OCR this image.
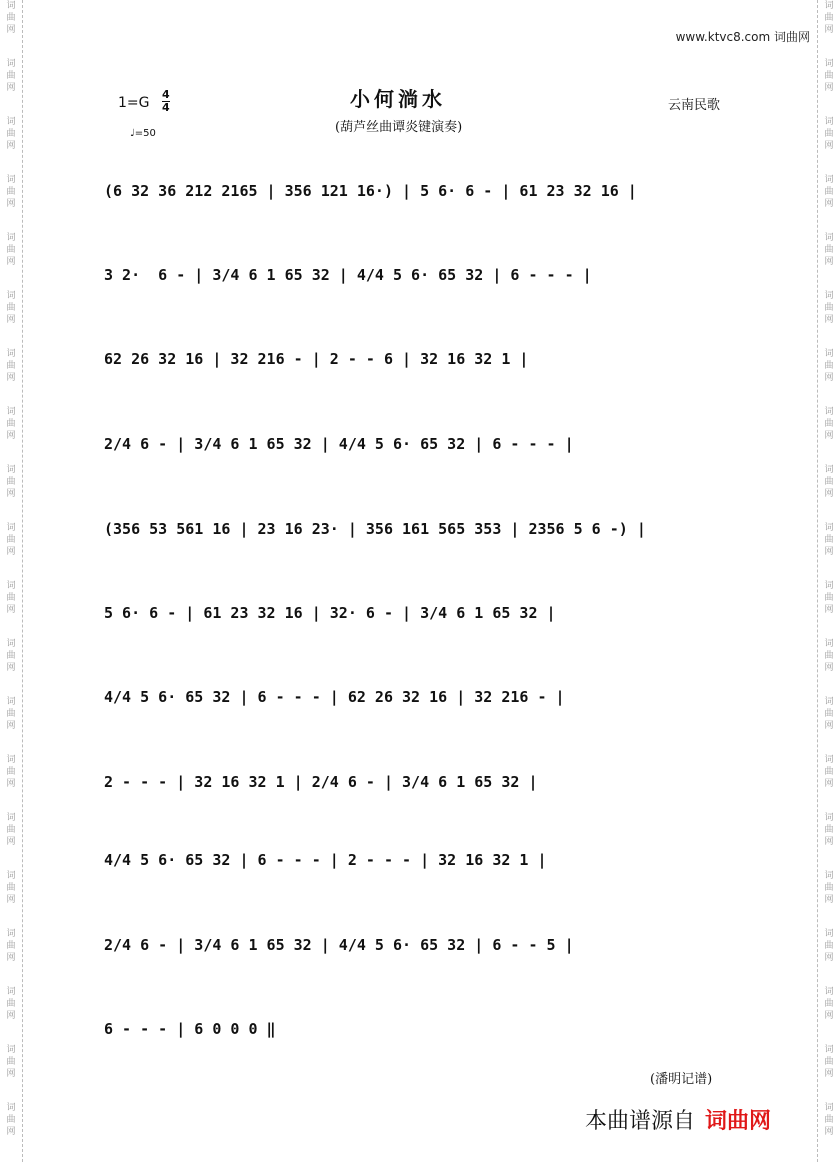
词
曲
网
词
曲
网
词
曲
网
词
曲
网
词
曲
网
词
曲
网
词
曲
网
词
曲
网
词
曲
网
词
曲
网
词
曲
网
词
曲
网
词
曲
网
词
曲
网
词
曲
网
词
曲
网
词
曲
网
词
曲
网
词
曲
网
词
曲
网
词
曲
网
词
曲
网
词
曲
网
词
曲
网
词
曲
网
词
曲
网
词
曲
网
词
曲
网
词
曲
网
词
曲
网
词
曲
网
词
曲
网
词
曲
网
词
曲
网
词
曲
网
词
曲
网
词
曲
网
词
曲
网
词
曲
网
词
曲
网
www.ktvc8.com 词曲网
1=G
4
4
♩=50
小何淌水
(葫芦丝曲谭炎键演奏)
云南民歌
(6 32 36 212 2165 | 356 121 16·) | 5 6· 6 - | 61 23 32 16 |
3 2·  6 - | 3/4 6 1 65 32 | 4/4 5 6· 65 32 | 6 - - - |
62 26 32 16 | 32 216 - | 2 - - 6 | 32 16 32 1 |
2/4 6 - | 3/4 6 1 65 32 | 4/4 5 6· 65 32 | 6 - - - |
(356 53 561 16 | 23 16 23· | 356 161 565 353 | 2356 5 6 -) |
5 6· 6 - | 61 23 32 16 | 32· 6 - | 3/4 6 1 65 32 |
4/4 5 6· 65 32 | 6 - - - | 62 26 32 16 | 32 216 - |
2 - - - | 32 16 32 1 | 2/4 6 - | 3/4 6 1 65 32 |
4/4 5 6· 65 32 | 6 - - - | 2 - - - | 32 16 32 1 |
2/4 6 - | 3/4 6 1 65 32 | 4/4 5 6· 65 32 | 6 - - 5 |
6 - - - | 6 0 0 0 ‖
(潘明记谱)
本曲谱源自 词曲网
